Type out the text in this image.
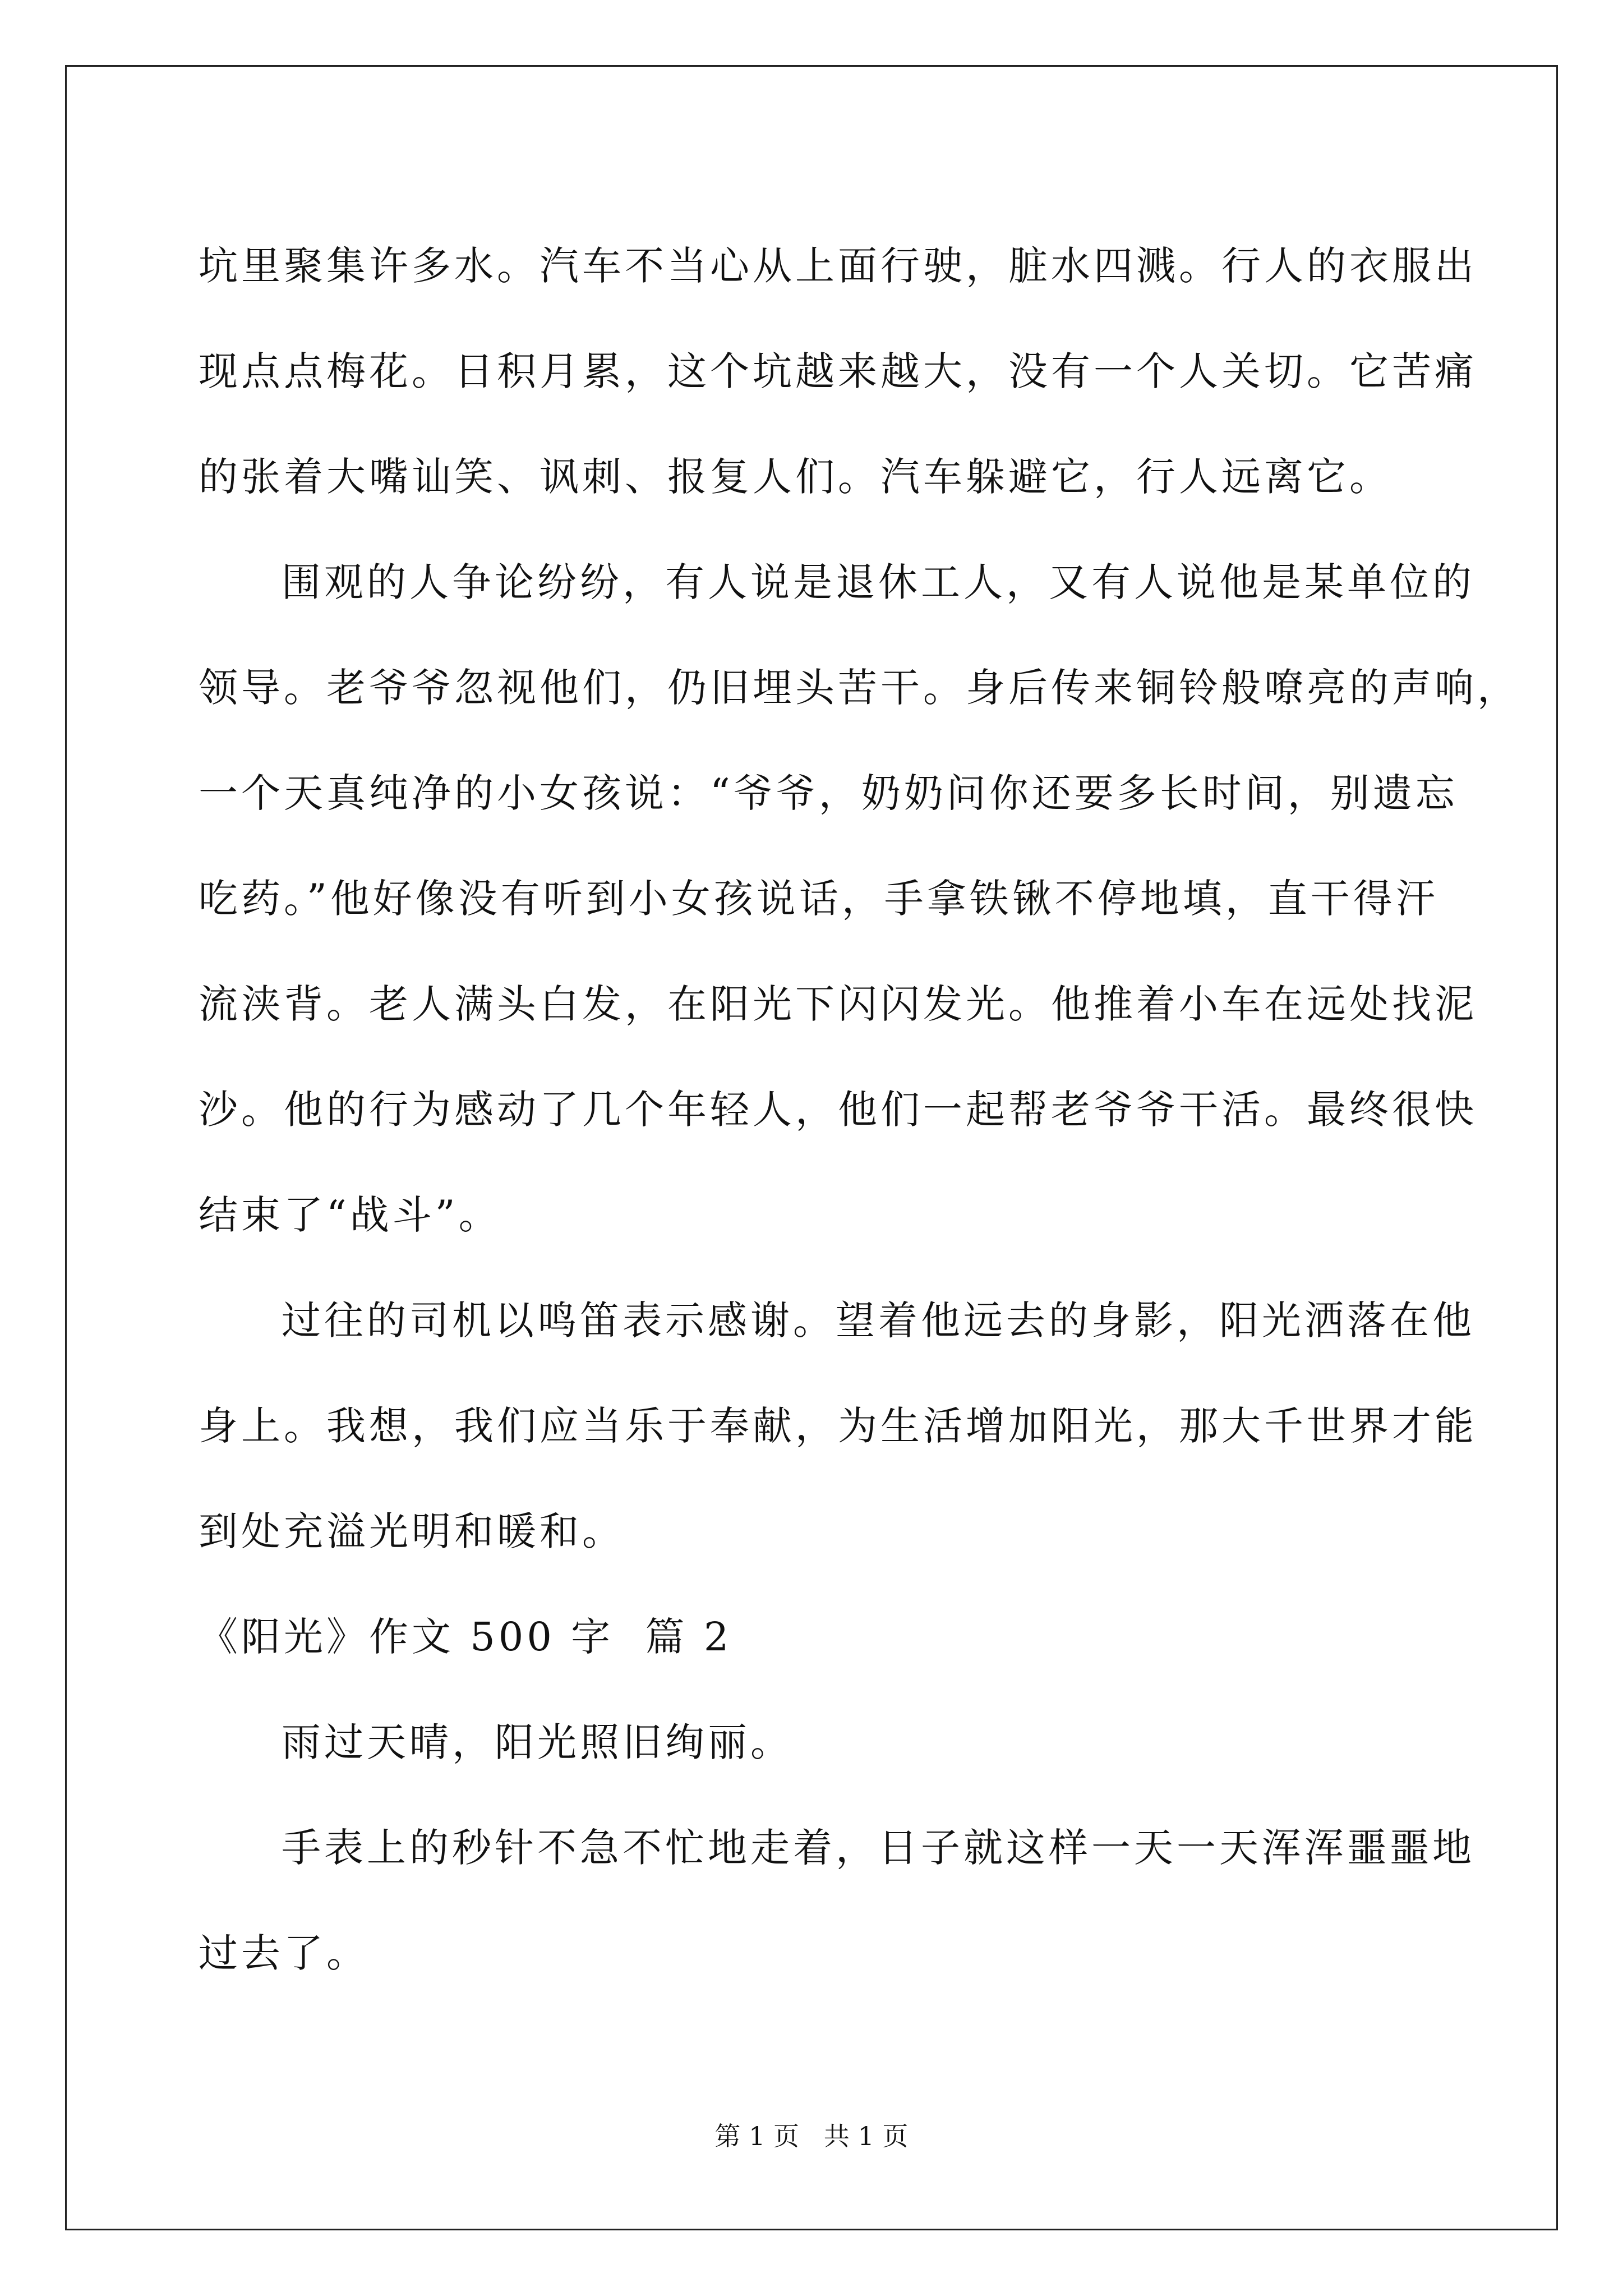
坑里聚集许多水。汽车不当心从上面行驶，脏水四溅。行人的衣服出
现点点梅花。日积月累，这个坑越来越大，没有一个人关切。它苦痛
的张着大嘴讪笑、讽刺、报复人们。汽车躲避它，行人远离它。
围观的人争论纷纷，有人说是退休工人，又有人说他是某单位的
领导。老爷爷忽视他们，仍旧埋头苦干。身后传来铜铃般嘹亮的声响，
一个天真纯净的小女孩说：“爷爷，奶奶问你还要多长时间，别遗忘
吃药。”他好像没有听到小女孩说话，手拿铁锹不停地填，直干得汗
流浃背。老人满头白发，在阳光下闪闪发光。他推着小车在远处找泥
沙。他的行为感动了几个年轻人，他们一起帮老爷爷干活。最终很快
结束了“战斗”。
过往的司机以鸣笛表示感谢。望着他远去的身影，阳光洒落在他
身上。我想，我们应当乐于奉献，为生活增加阳光，那大千世界才能
到处充溢光明和暖和。
《阳光》作文 500 字  篇 2
雨过天晴，阳光照旧绚丽。
手表上的秒针不急不忙地走着，日子就这样一天一天浑浑噩噩地
过去了。
第 1 页   共 1 页
